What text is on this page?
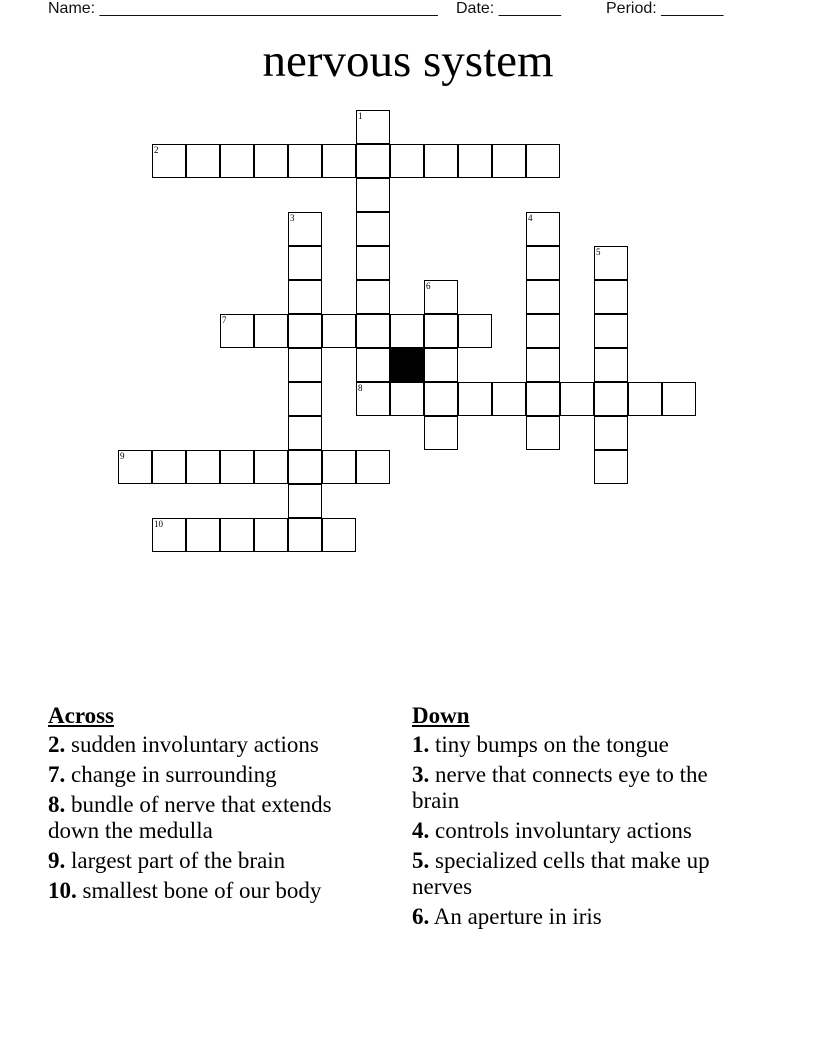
Name: ______________________________________ Date: _______	Period: _______
nervous system
1
2
3	4
5
6
7
8
9
10
Across
2. sudden involuntary actions
7. change in surrounding
8. bundle of nerve that extends down the medulla
9. largest part of the brain
10. smallest bone of our body
Down
1. tiny bumps on the tongue
3. nerve that connects eye to the brain
4. controls involuntary actions
5. specialized cells that make up nerves
6. An aperture in iris
